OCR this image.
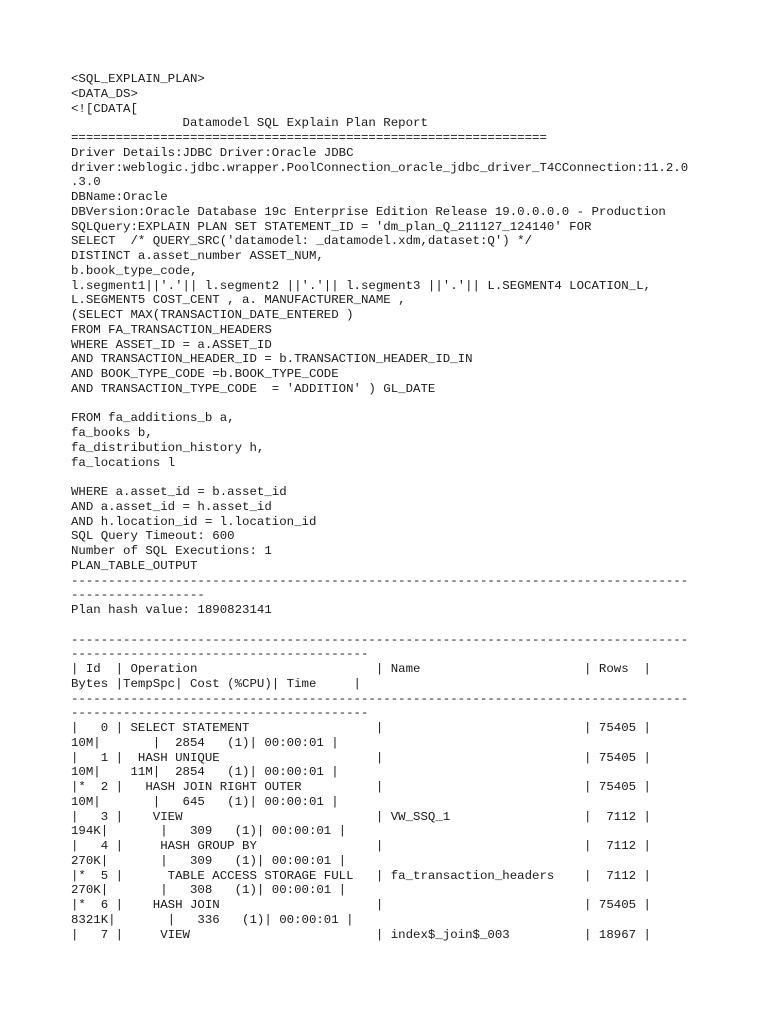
<SQL_EXPLAIN_PLAN>
<DATA_DS>
<![CDATA[
Datamodel SQL Explain Plan Report
================================================================
Driver Details:JDBC Driver:Oracle JDBC
driver:weblogic.jdbc.wrapper.PoolConnection_oracle_jdbc_driver_T4CConnection:11.2.0
.3.0
DBName:Oracle
DBVersion:Oracle Database 19c Enterprise Edition Release 19.0.0.0.0 - Production
SQLQuery:EXPLAIN PLAN SET STATEMENT_ID = 'dm_plan_Q_211127_124140' FOR
SELECT  /* QUERY_SRC('datamodel: _datamodel.xdm,dataset:Q') */
DISTINCT a.asset_number ASSET_NUM,
b.book_type_code,
l.segment1||'.'|| l.segment2 ||'.'|| l.segment3 ||'.'|| L.SEGMENT4 LOCATION_L,
L.SEGMENT5 COST_CENT , a. MANUFACTURER_NAME ,
(SELECT MAX(TRANSACTION_DATE_ENTERED )
FROM FA_TRANSACTION_HEADERS
WHERE ASSET_ID = a.ASSET_ID
AND TRANSACTION_HEADER_ID = b.TRANSACTION_HEADER_ID_IN
AND BOOK_TYPE_CODE =b.BOOK_TYPE_CODE
AND TRANSACTION_TYPE_CODE  = 'ADDITION' ) GL_DATE
FROM fa_additions_b a,
fa_books b,
fa_distribution_history h,
fa_locations l
WHERE a.asset_id = b.asset_id
AND a.asset_id = h.asset_id
AND h.location_id = l.location_id
SQL Query Timeout: 600
Number of SQL Executions: 1
PLAN_TABLE_OUTPUT
-----------------------------------------------------------------------------------
------------------
Plan hash value: 1890823141
-----------------------------------------------------------------------------------
----------------------------------------
| Id  | Operation                        | Name                      | Rows  |
Bytes |TempSpc| Cost (%CPU)| Time     |
-----------------------------------------------------------------------------------
----------------------------------------
|   0 | SELECT STATEMENT                 |                           | 75405 |
10M|       |  2854   (1)| 00:00:01 |
|   1 |  HASH UNIQUE                     |                           | 75405 |
10M|    11M|  2854   (1)| 00:00:01 |
|*  2 |   HASH JOIN RIGHT OUTER          |                           | 75405 |
10M|       |   645   (1)| 00:00:01 |
|   3 |    VIEW                          | VW_SSQ_1                  |  7112 |
194K|       |   309   (1)| 00:00:01 |
|   4 |     HASH GROUP BY                |                           |  7112 |
270K|       |   309   (1)| 00:00:01 |
|*  5 |      TABLE ACCESS STORAGE FULL   | fa_transaction_headers    |  7112 |
270K|       |   308   (1)| 00:00:01 |
|*  6 |    HASH JOIN                     |                           | 75405 |
8321K|       |   336   (1)| 00:00:01 |
|   7 |     VIEW                         | index$_join$_003          | 18967 |
